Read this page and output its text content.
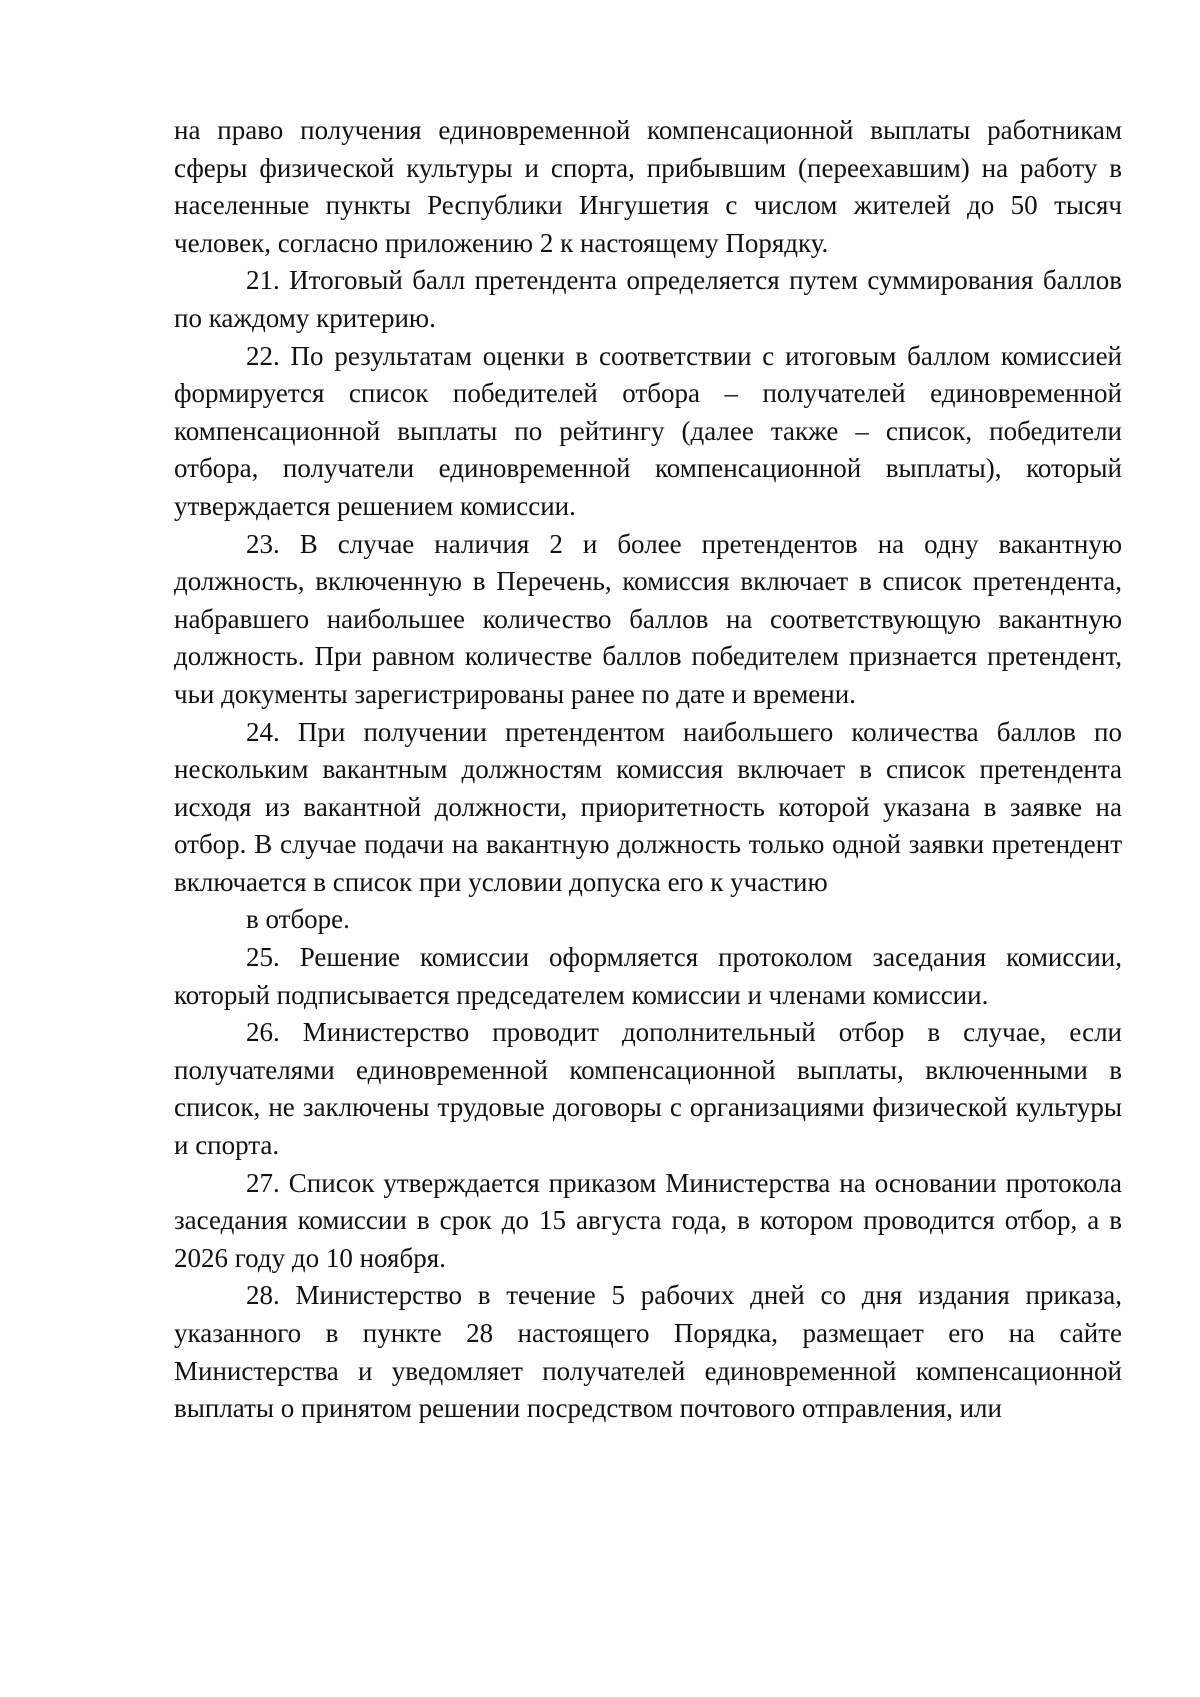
на право получения единовременной компенсационной выплаты работникам сферы физической культуры и спорта, прибывшим (переехавшим) на работу в населенные пункты Республики Ингушетия с числом жителей до 50 тысяч человек, согласно приложению 2 к настоящему Порядку.

21. Итоговый балл претендента определяется путем суммирования баллов по каждому критерию.

22. По результатам оценки в соответствии с итоговым баллом комиссией формируется список победителей отбора – получателей единовременной компенсационной выплаты по рейтингу (далее также – список, победители отбора, получатели единовременной компенсационной выплаты), который утверждается решением комиссии.

23. В случае наличия 2 и более претендентов на одну вакантную должность, включенную в Перечень, комиссия включает в список претендента, набравшего наибольшее количество баллов на соответствующую вакантную должность. При равном количестве баллов победителем признается претендент, чьи документы зарегистрированы ранее по дате и времени.

24. При получении претендентом наибольшего количества баллов по нескольким вакантным должностям комиссия включает в список претендента исходя из вакантной должности, приоритетность которой указана в заявке на отбор. В случае подачи на вакантную должность только одной заявки претендент включается в список при условии допуска его к участию
в отборе.

25. Решение комиссии оформляется протоколом заседания комиссии, который подписывается председателем комиссии и членами комиссии.

26. Министерство проводит дополнительный отбор в случае, если получателями единовременной компенсационной выплаты, включенными в список, не заключены трудовые договоры с организациями физической культуры и спорта.

27. Список утверждается приказом Министерства на основании протокола заседания комиссии в срок до 15 августа года, в котором проводится отбор, а в 2026 году до 10 ноября.

28. Министерство в течение 5 рабочих дней со дня издания приказа, указанного в пункте 28 настоящего Порядка, размещает его на сайте Министерства и уведомляет получателей единовременной компенсационной выплаты о принятом решении посредством почтового отправления, или
